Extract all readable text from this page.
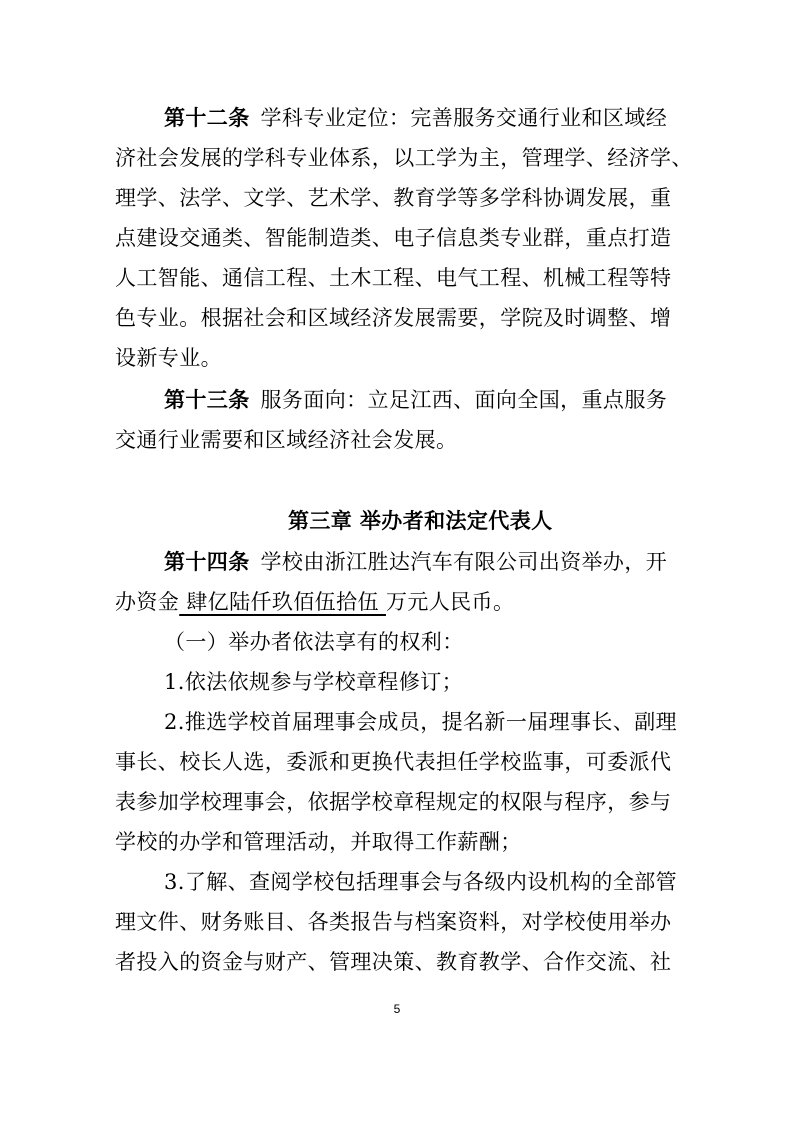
第十二条  学科专业定位：完善服务交通行业和区域经
济社会发展的学科专业体系，以工学为主，管理学、经济学、
理学、法学、文学、艺术学、教育学等多学科协调发展，重
点建设交通类、智能制造类、电子信息类专业群，重点打造
人工智能、通信工程、土木工程、电气工程、机械工程等特
色专业。根据社会和区域经济发展需要，学院及时调整、增
设新专业。
第十三条  服务面向：立足江西、面向全国，重点服务
交通行业需要和区域经济社会发展。
第三章 举办者和法定代表人
第十四条  学校由浙江胜达汽车有限公司出资举办，开
办资金 肆亿陆仟玖佰伍拾伍 万元人民币。
（一）举办者依法享有的权利：
1.依法依规参与学校章程修订；
2.推选学校首届理事会成员，提名新一届理事长、副理
事长、校长人选，委派和更换代表担任学校监事，可委派代
表参加学校理事会，依据学校章程规定的权限与程序，参与
学校的办学和管理活动，并取得工作薪酬；
3.了解、查阅学校包括理事会与各级内设机构的全部管
理文件、财务账目、各类报告与档案资料，对学校使用举办
者投入的资金与财产、管理决策、教育教学、合作交流、社
5
